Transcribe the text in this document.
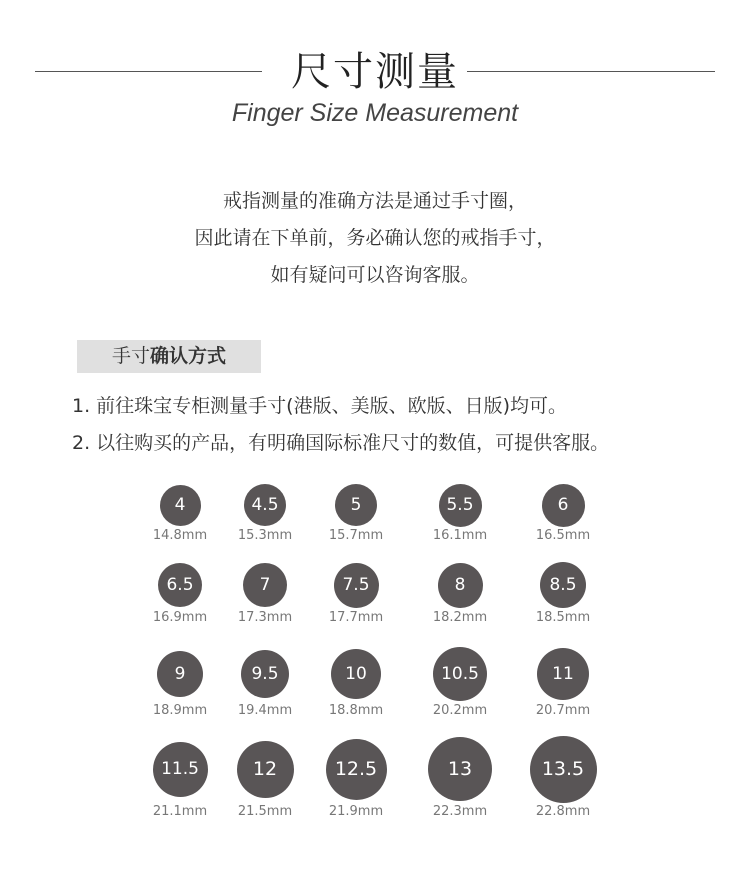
尺寸测量
Finger Size Measurement
戒指测量的准确方法是通过手寸圈，
因此请在下单前，务必确认您的戒指手寸，
如有疑问可以咨询客服。
手寸确认方式
1. 前往珠宝专柜测量手寸(港版、美版、欧版、日版)均可。
2. 以往购买的产品，有明确国际标准尺寸的数值，可提供客服。
4
14.8mm
4.5
15.3mm
5
15.7mm
5.5
16.1mm
6
16.5mm
6.5
16.9mm
7
17.3mm
7.5
17.7mm
8
18.2mm
8.5
18.5mm
9
18.9mm
9.5
19.4mm
10
18.8mm
10.5
20.2mm
11
20.7mm
11.5
21.1mm
12
21.5mm
12.5
21.9mm
13
22.3mm
13.5
22.8mm
